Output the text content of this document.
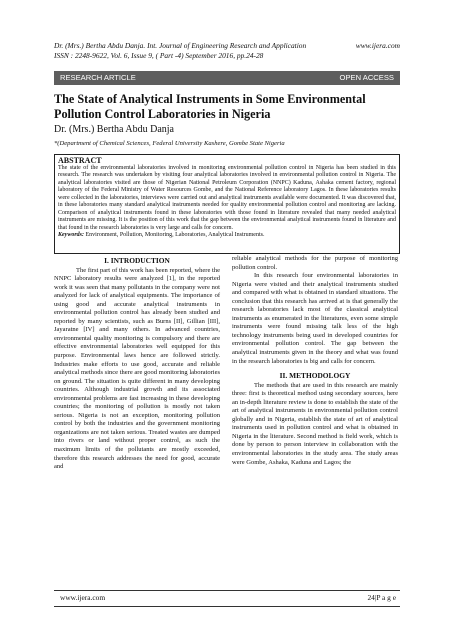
Dr. (Mrs.) Bertha Abdu Danja. Int. Journal of Engineering Research and Application	www.ijera.com
ISSN : 2248-9622, Vol. 6, Issue 9, ( Part -4) September 2016, pp.24-28
RESEARCH ARTICLE	OPEN ACCESS
The State of Analytical Instruments in Some Environmental Pollution Control Laboratories in Nigeria
Dr. (Mrs.) Bertha Abdu Danja
*(Department of Chemical Sciences, Federal University Kashere, Gombe State Nigeria
ABSTRACT
The state of the environmental laboratories involved in monitoring environmental pollution control in Nigeria has been studied in this research. The research was undertaken by visiting four analytical laboratories involved in environmental pollution control in Nigeria. The analytical laboratories visited are those of Nigerian National Petroleum Corporation (NNPC) Kaduna, Ashaka cement factory, regional laboratory of the Federal Ministry of Water Resources Gombe, and the National Reference laboratory Lagos. In these laboratories results were collected in the laboratories, interviews were carried out and analytical instruments available were documented. It was discovered that, in these laboratories many standard analytical instruments needed for quality environmental pollution control and monitoring are lacking. Comparison of analytical instruments found in these laboratories with those found in literature revealed that many needed analytical instruments are missing. It is the position of this work that the gap between the environmental analytical instruments found in literature and that found in the research laboratories is very large and calls for concern.
Keywords: Environment, Pollution, Monitoring, Laboratories, Analytical Instruments.
I. INTRODUCTION

The first part of this work has been reported, where the NNPC laboratory results were analyzed [1], in the reported work it was seen that many pollutants in the company were not analyzed for lack of analytical equipments. The importance of using good and accurate analytical instruments in environmental pollution control has already been studied and reported by many scientists, such as Burns [II], Gillian [III], Jayaratne [IV] and many others. In advanced countries, environmental quality monitoring is compulsory and there are effective environmental laboratories well equipped for this purpose. Environmental laws hence are followed strictly. Industries make efforts to use good, accurate and reliable analytical methods since there are good monitoring laboratories on ground. The situation is quite different in many developing countries. Although industrial growth and its associated environmental problems are fast increasing in these developing countries; the monitoring of pollution is mostly not taken serious. Nigeria is not an exception, monitoring pollution control by both the industries and the government monitoring organizations are not taken serious. Treated wastes are dumped into rivers or land without proper control, as such the maximum limits of the pollutants are mostly exceeded, therefore this research addresses the need for good, accurate and

reliable analytical methods for the purpose of monitoring pollution control.

In this research four environmental laboratories in Nigeria were visited and their analytical instruments studied and compared with what is obtained in standard situations. The conclusion that this research has arrived at is that generally the research laboratories lack most of the classical analytical instruments as enumerated in the literatures, even some simple instruments were found missing talk less of the high technology instruments being used in developed countries for environmental pollution control. The gap between the analytical instruments given in the theory and what was found in the research laboratories is big and calls for concern.

II. METHODOLOGY

The methods that are used in this research are mainly three: first is theoretical method using secondary sources, here an in-depth literature review is done to establish the state of the art of analytical instruments in environmental pollution control globally and in Nigeria, establish the state of art of analytical instruments used in pollution control and what is obtained in Nigeria in the literature. Second method is field work, which is done by person to person interview in collaboration with the environmental laboratories in the study area. The study areas were Gombe, Ashaka, Kaduna and Lagos; the

www.ijera.com	24|P a g e
